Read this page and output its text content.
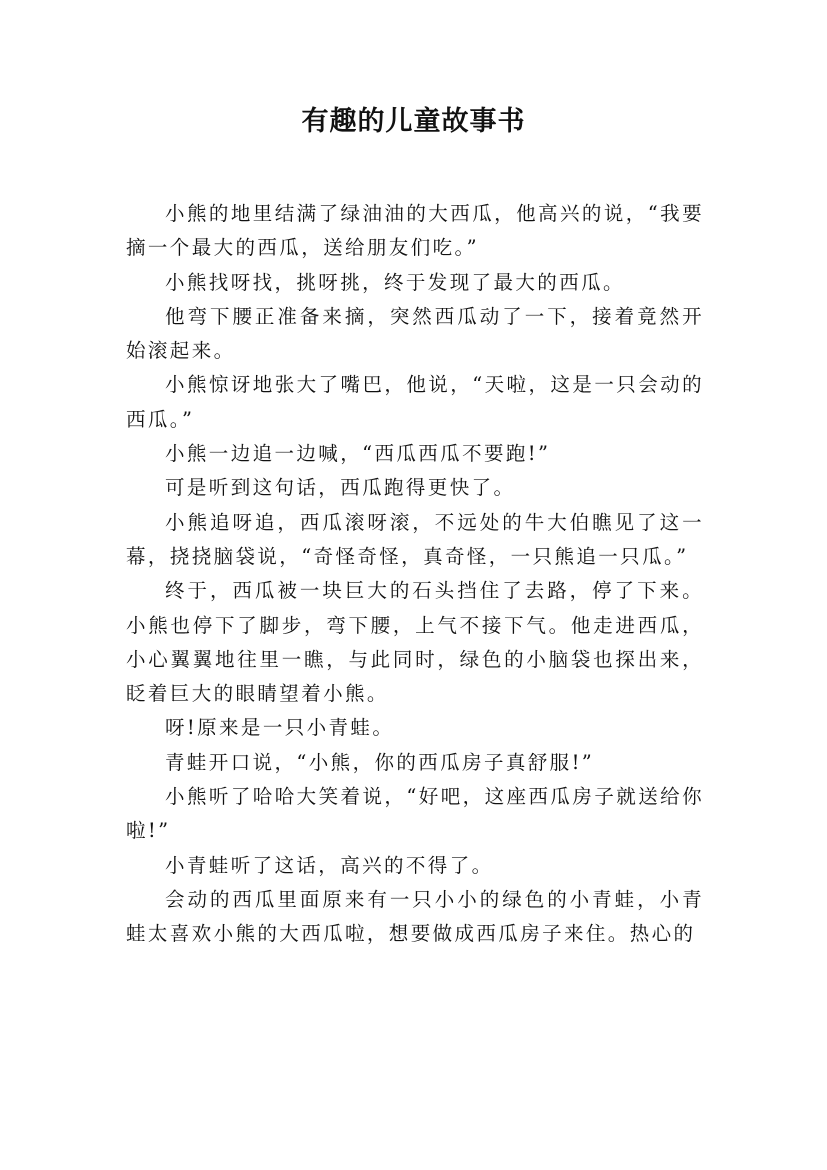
有趣的儿童故事书

小熊的地里结满了绿油油的大西瓜，他高兴的说，“我要摘一个最大的西瓜，送给朋友们吃。”

小熊找呀找，挑呀挑，终于发现了最大的西瓜。

他弯下腰正准备来摘，突然西瓜动了一下，接着竟然开始滚起来。

小熊惊讶地张大了嘴巴，他说，“天啦，这是一只会动的西瓜。”

小熊一边追一边喊，“西瓜西瓜不要跑!”

可是听到这句话，西瓜跑得更快了。

小熊追呀追，西瓜滚呀滚，不远处的牛大伯瞧见了这一幕，挠挠脑袋说，“奇怪奇怪，真奇怪，一只熊追一只瓜。”

终于，西瓜被一块巨大的石头挡住了去路，停了下来。小熊也停下了脚步，弯下腰，上气不接下气。他走进西瓜，小心翼翼地往里一瞧，与此同时，绿色的小脑袋也探出来，眨着巨大的眼睛望着小熊。

呀!原来是一只小青蛙。

青蛙开口说，“小熊，你的西瓜房子真舒服!”

小熊听了哈哈大笑着说，“好吧，这座西瓜房子就送给你啦!”

小青蛙听了这话，高兴的不得了。

会动的西瓜里面原来有一只小小的绿色的小青蛙，小青蛙太喜欢小熊的大西瓜啦，想要做成西瓜房子来住。热心的
